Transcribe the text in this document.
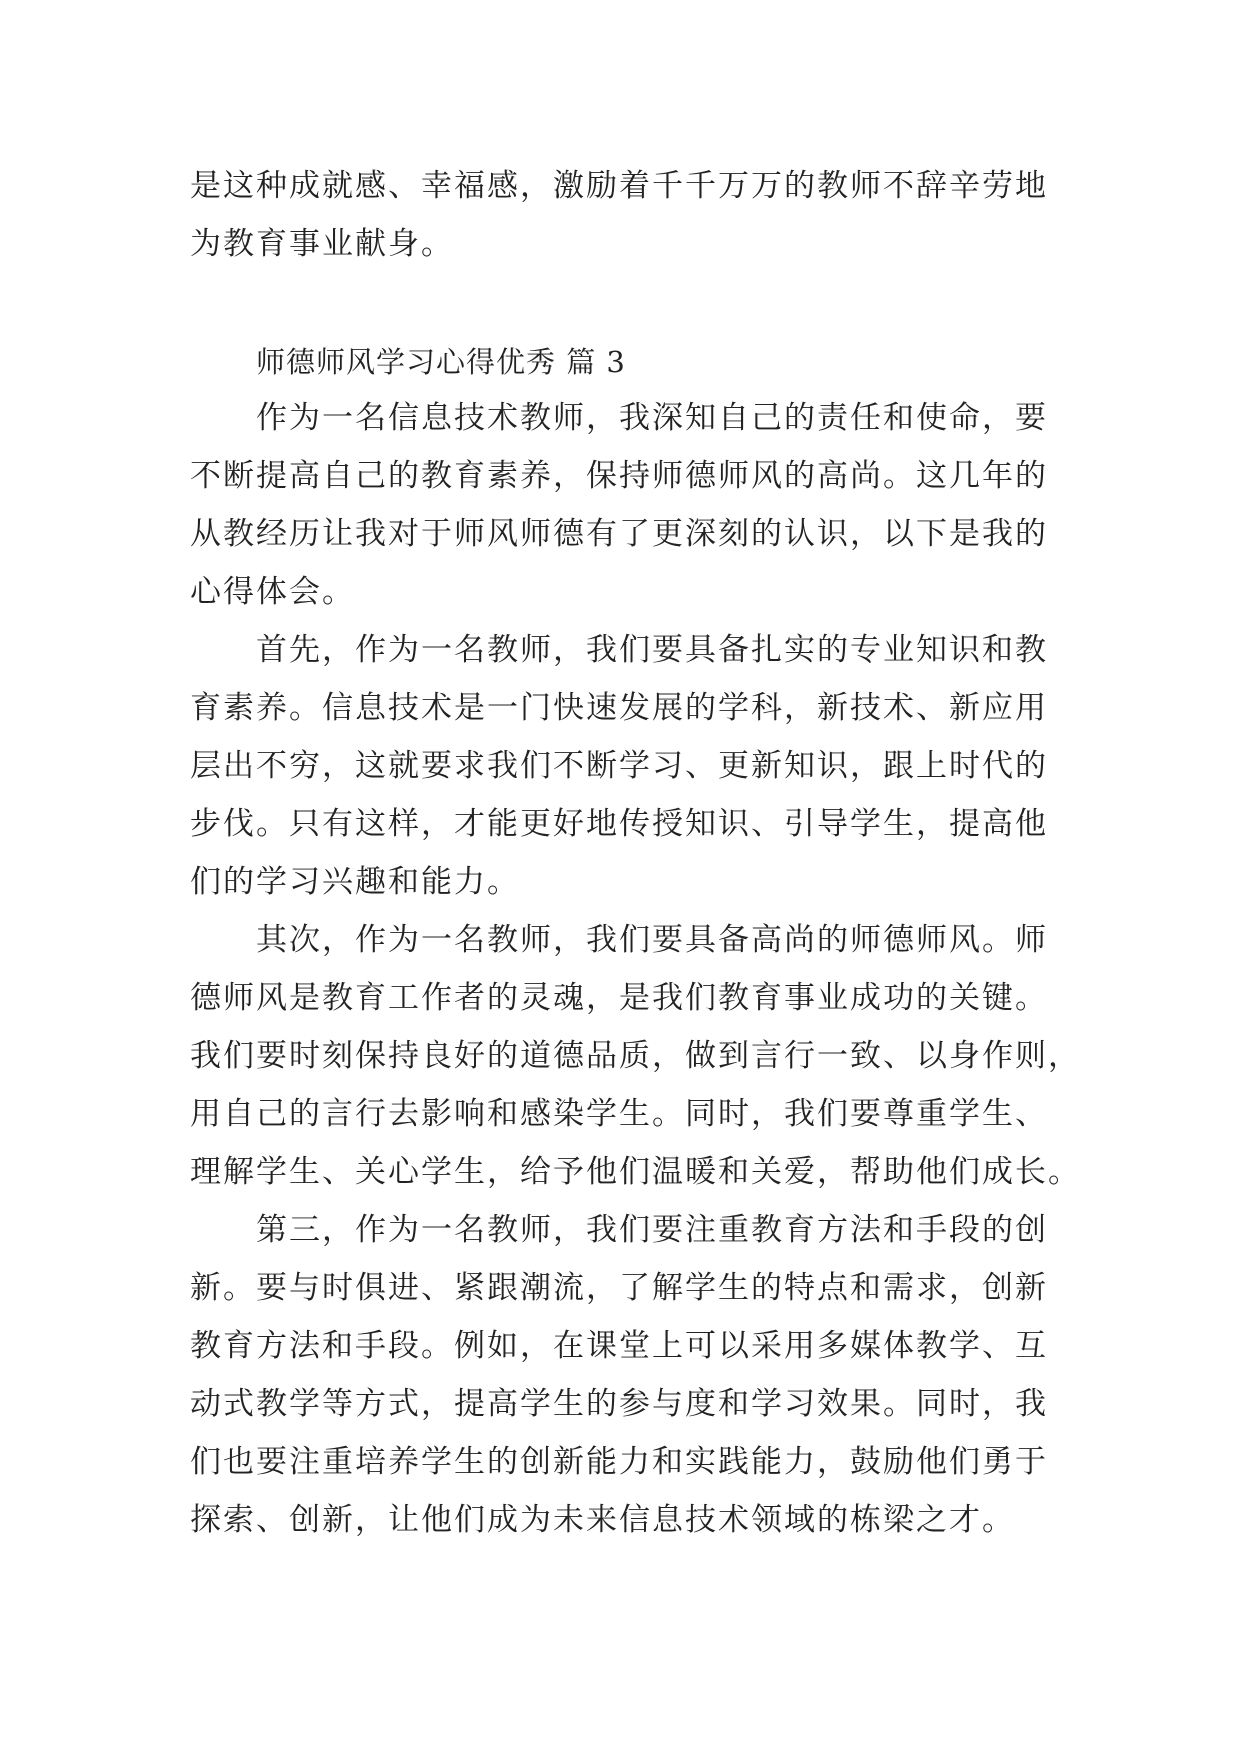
是这种成就感、幸福感，激励着千千万万的教师不辞辛劳地
为教育事业献身。
师德师风学习心得优秀 篇 3
作为一名信息技术教师，我深知自己的责任和使命，要
不断提高自己的教育素养，保持师德师风的高尚。这几年的
从教经历让我对于师风师德有了更深刻的认识，以下是我的
心得体会。
首先，作为一名教师，我们要具备扎实的专业知识和教
育素养。信息技术是一门快速发展的学科，新技术、新应用
层出不穷，这就要求我们不断学习、更新知识，跟上时代的
步伐。只有这样，才能更好地传授知识、引导学生，提高他
们的学习兴趣和能力。
其次，作为一名教师，我们要具备高尚的师德师风。师
德师风是教育工作者的灵魂，是我们教育事业成功的关键。
我们要时刻保持良好的道德品质，做到言行一致、以身作则，
用自己的言行去影响和感染学生。同时，我们要尊重学生、
理解学生、关心学生，给予他们温暖和关爱，帮助他们成长。
第三，作为一名教师，我们要注重教育方法和手段的创
新。要与时俱进、紧跟潮流，了解学生的特点和需求，创新
教育方法和手段。例如，在课堂上可以采用多媒体教学、互
动式教学等方式，提高学生的参与度和学习效果。同时，我
们也要注重培养学生的创新能力和实践能力，鼓励他们勇于
探索、创新，让他们成为未来信息技术领域的栋梁之才。
